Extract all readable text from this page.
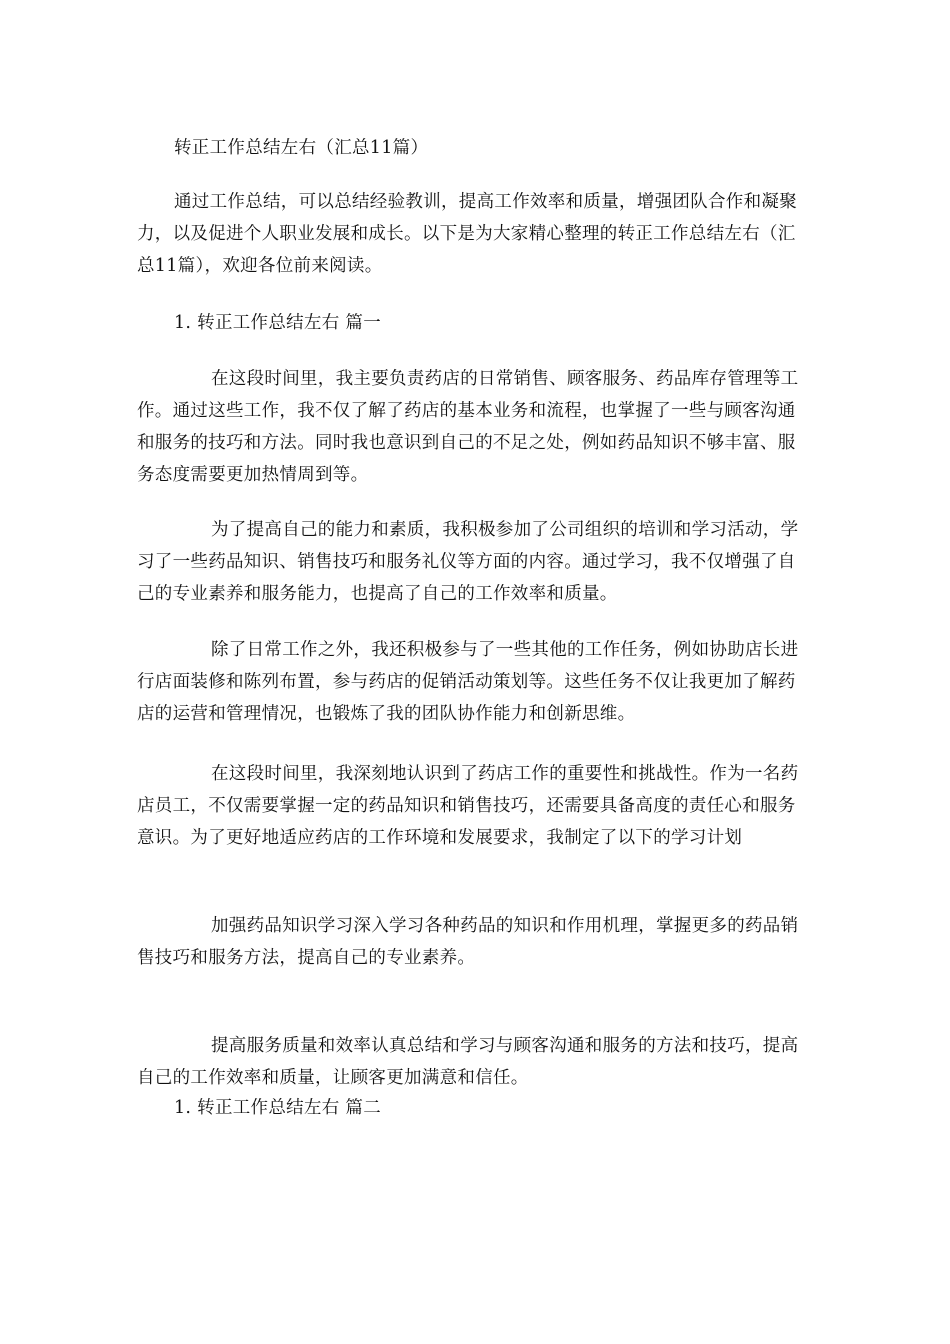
转正工作总结左右（汇总11篇）

通过工作总结，可以总结经验教训，提高工作效率和质量，增强团队合作和凝聚力，以及促进个人职业发展和成长。以下是为大家精心整理的转正工作总结左右（汇总11篇），欢迎各位前来阅读。

1. 转正工作总结左右 篇一

在这段时间里，我主要负责药店的日常销售、顾客服务、药品库存管理等工作。通过这些工作，我不仅了解了药店的基本业务和流程，也掌握了一些与顾客沟通和服务的技巧和方法。同时我也意识到自己的不足之处，例如药品知识不够丰富、服务态度需要更加热情周到等。

为了提高自己的能力和素质，我积极参加了公司组织的培训和学习活动，学习了一些药品知识、销售技巧和服务礼仪等方面的内容。通过学习，我不仅增强了自己的专业素养和服务能力，也提高了自己的工作效率和质量。

除了日常工作之外，我还积极参与了一些其他的工作任务，例如协助店长进行店面装修和陈列布置，参与药店的促销活动策划等。这些任务不仅让我更加了解药店的运营和管理情况，也锻炼了我的团队协作能力和创新思维。

在这段时间里，我深刻地认识到了药店工作的重要性和挑战性。作为一名药店员工，不仅需要掌握一定的药品知识和销售技巧，还需要具备高度的责任心和服务意识。为了更好地适应药店的工作环境和发展要求，我制定了以下的学习计划

加强药品知识学习深入学习各种药品的知识和作用机理，掌握更多的药品销售技巧和服务方法，提高自己的专业素养。

提高服务质量和效率认真总结和学习与顾客沟通和服务的方法和技巧，提高自己的工作效率和质量，让顾客更加满意和信任。

1. 转正工作总结左右 篇二
